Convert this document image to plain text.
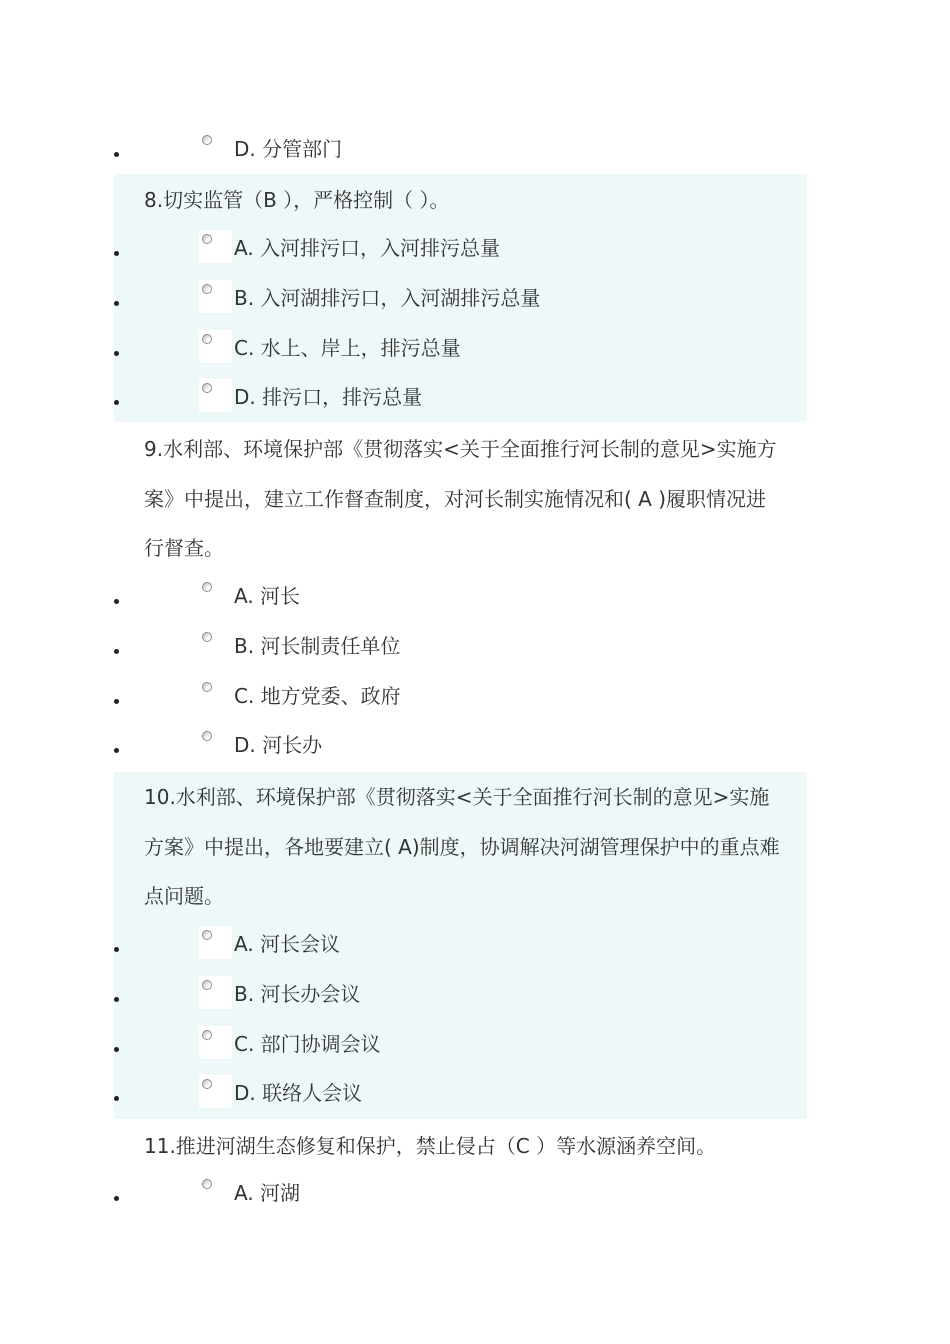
D. 分管部门
8.切实监管（B ），严格控制（ ）。
A. 入河排污口，入河排污总量
B. 入河湖排污口，入河湖排污总量
C. 水上、岸上，排污总量
D. 排污口，排污总量
9.水利部、环境保护部《贯彻落实<关于全面推行河长制的意见>实施方
案》中提出，建立工作督查制度，对河长制实施情况和( A )履职情况进
行督查。
A. 河长
B. 河长制责任单位
C. 地方党委、政府
D. 河长办
10.水利部、环境保护部《贯彻落实<关于全面推行河长制的意见>实施
方案》中提出，各地要建立( A)制度，协调解决河湖管理保护中的重点难
点问题。
A. 河长会议
B. 河长办会议
C. 部门协调会议
D. 联络人会议
11.推进河湖生态修复和保护，禁止侵占（C ）等水源涵养空间。
A. 河湖
